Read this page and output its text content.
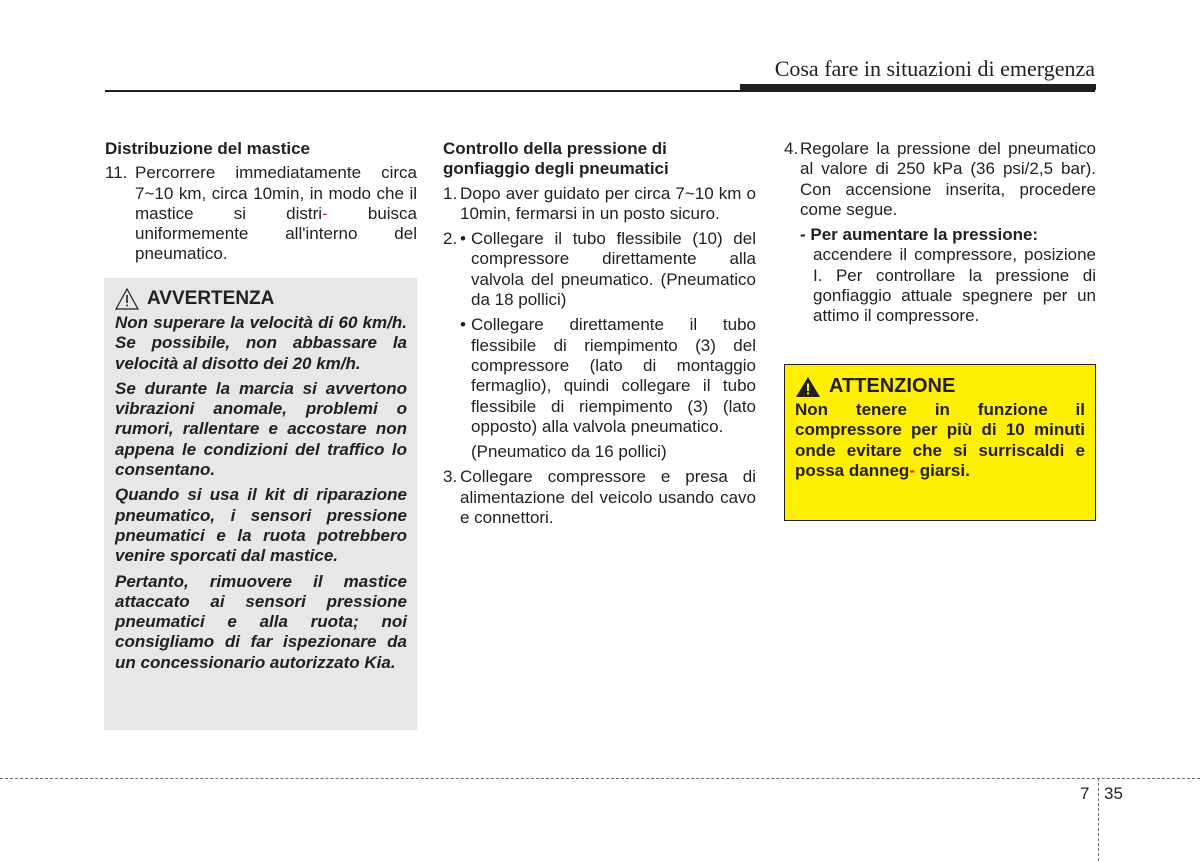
Cosa fare in situazioni di emergenza
Distribuzione del mastice
11. Percorrere immediatamente circa 7~10 km, circa 10min, in modo che il mastice si distri- buisca uniformemente all'interno del pneumatico.
AVVERTENZA

Non superare la velocità di 60 km/h. Se possibile, non abbassare la velocità al disotto dei 20 km/h.

Se durante la marcia si avvertono vibrazioni anomale, problemi o rumori, rallentare e accostare non appena le condizioni del traffico lo consentano.

Quando si usa il kit di riparazione pneumatico, i sensori pressione pneumatici e la ruota potrebbero venire sporcati dal mastice.

Pertanto, rimuovere il mastice attaccato ai sensori pressione pneumatici e alla ruota; noi consigliamo di far ispezionare da un concessionario autorizzato Kia.

Controllo della pressione di gonfiaggio degli pneumatici
1. Dopo aver guidato per circa 7~10 km o 10min, fermarsi in un posto sicuro.
2. • Collegare il tubo flessibile (10) del compressore direttamente alla valvola del pneumatico. (Pneumatico da 18 pollici)
• Collegare direttamente il tubo flessibile di riempimento (3) del compressore (lato di montaggio fermaglio), quindi collegare il tubo flessibile di riempimento (3) (lato opposto) alla valvola pneumatico.
(Pneumatico da 16 pollici)
3. Collegare compressore e presa di alimentazione del veicolo usando cavo e connettori.
4. Regolare la pressione del pneumatico al valore di 250 kPa (36 psi/2,5 bar). Con accensione inserita, procedere come segue.
- Per aumentare la pressione:
accendere il compressore, posizione I. Per controllare la pressione di gonfiaggio attuale spegnere per un attimo il compressore.
ATTENZIONE

Non tenere in funzione il compressore per più di 10 minuti onde evitare che si surriscaldi e possa danneg- giarsi.

7 35
